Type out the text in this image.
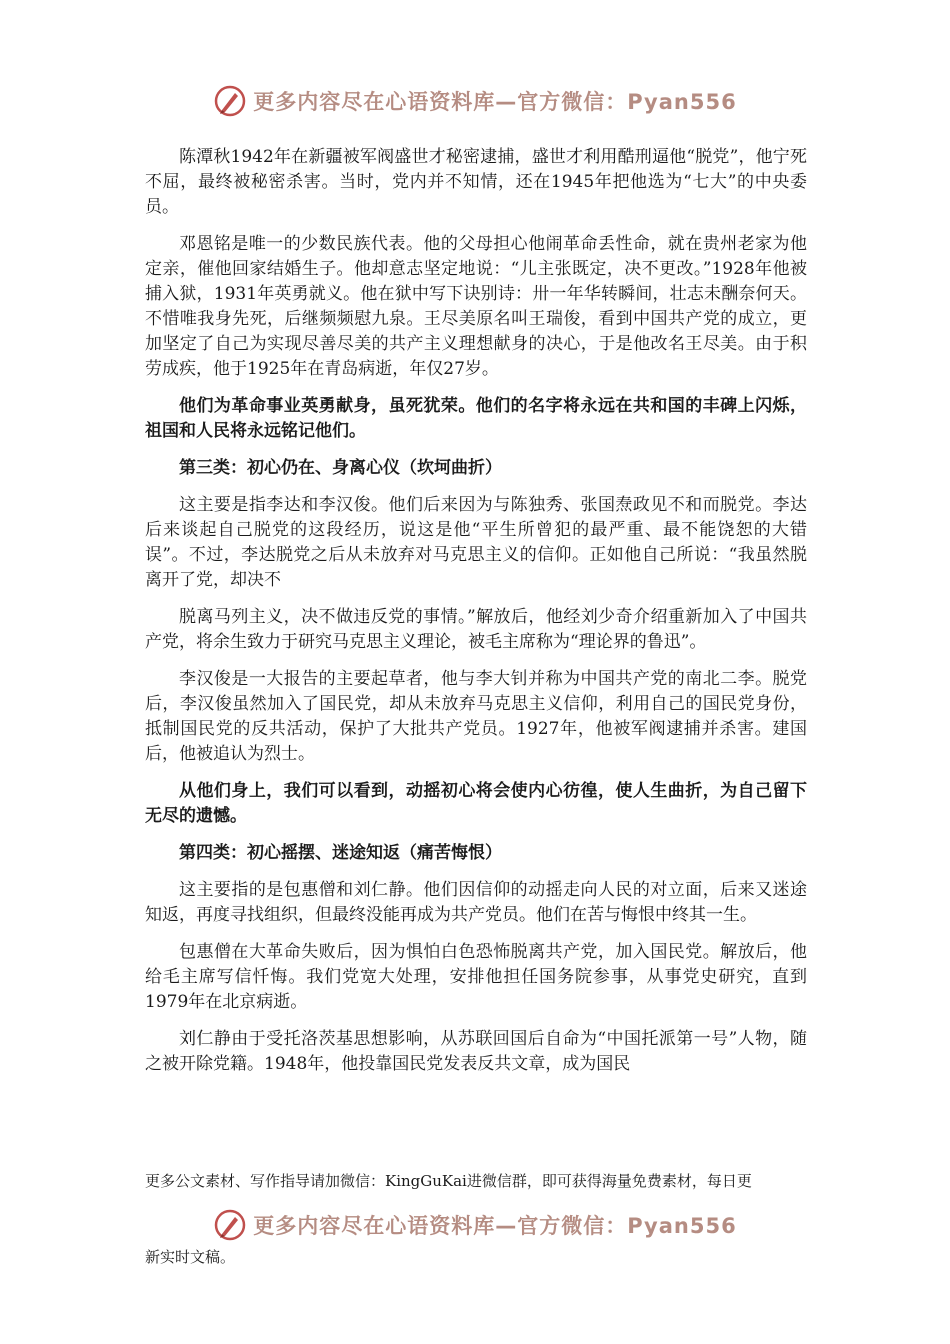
更多内容尽在心语资料库—官方微信：Pyan556

陈潭秋1942年在新疆被军阀盛世才秘密逮捕，盛世才利用酷刑逼他“脱党”，他宁死不屈，最终被秘密杀害。当时，党内并不知情，还在1945年把他选为“七大”的中央委员。

邓恩铭是唯一的少数民族代表。他的父母担心他闹革命丢性命，就在贵州老家为他定亲，催他回家结婚生子。他却意志坚定地说：“儿主张既定，决不更改。”1928年他被捕入狱，1931年英勇就义。他在狱中写下诀别诗：卅一年华转瞬间，壮志未酬奈何天。不惜唯我身先死，后继频频慰九泉。王尽美原名叫王瑞俊，看到中国共产党的成立，更加坚定了自己为实现尽善尽美的共产主义理想献身的决心，于是他改名王尽美。由于积劳成疾，他于1925年在青岛病逝，年仅27岁。

他们为革命事业英勇献身，虽死犹荣。他们的名字将永远在共和国的丰碑上闪烁，祖国和人民将永远铭记他们。

第三类：初心仍在、身离心仪（坎坷曲折）

这主要是指李达和李汉俊。他们后来因为与陈独秀、张国焘政见不和而脱党。李达后来谈起自己脱党的这段经历，说这是他“平生所曾犯的最严重、最不能饶恕的大错误”。不过，李达脱党之后从未放弃对马克思主义的信仰。正如他自己所说：“我虽然脱离开了党，却决不

脱离马列主义，决不做违反党的事情。”解放后，他经刘少奇介绍重新加入了中国共产党，将余生致力于研究马克思主义理论，被毛主席称为“理论界的鲁迅”。

李汉俊是一大报告的主要起草者，他与李大钊并称为中国共产党的南北二李。脱党后，李汉俊虽然加入了国民党，却从未放弃马克思主义信仰，利用自己的国民党身份，抵制国民党的反共活动，保护了大批共产党员。1927年，他被军阀逮捕并杀害。建国后，他被追认为烈士。

从他们身上，我们可以看到，动摇初心将会使内心彷徨，使人生曲折，为自己留下无尽的遗憾。

第四类：初心摇摆、迷途知返（痛苦悔恨）

这主要指的是包惠僧和刘仁静。他们因信仰的动摇走向人民的对立面，后来又迷途知返，再度寻找组织，但最终没能再成为共产党员。他们在苦与悔恨中终其一生。

包惠僧在大革命失败后，因为惧怕白色恐怖脱离共产党，加入国民党。解放后，他给毛主席写信忏悔。我们党宽大处理，安排他担任国务院参事，从事党史研究，直到1979年在北京病逝。

刘仁静由于受托洛茨基思想影响，从苏联回国后自命为“中国托派第一号”人物，随之被开除党籍。1948年，他投靠国民党发表反共文章，成为国民

更多公文素材、写作指导请加微信：KingGuKai进微信群，即可获得海量免费素材，每日更
更多内容尽在心语资料库—官方微信：Pyan556
新实时文稿。
